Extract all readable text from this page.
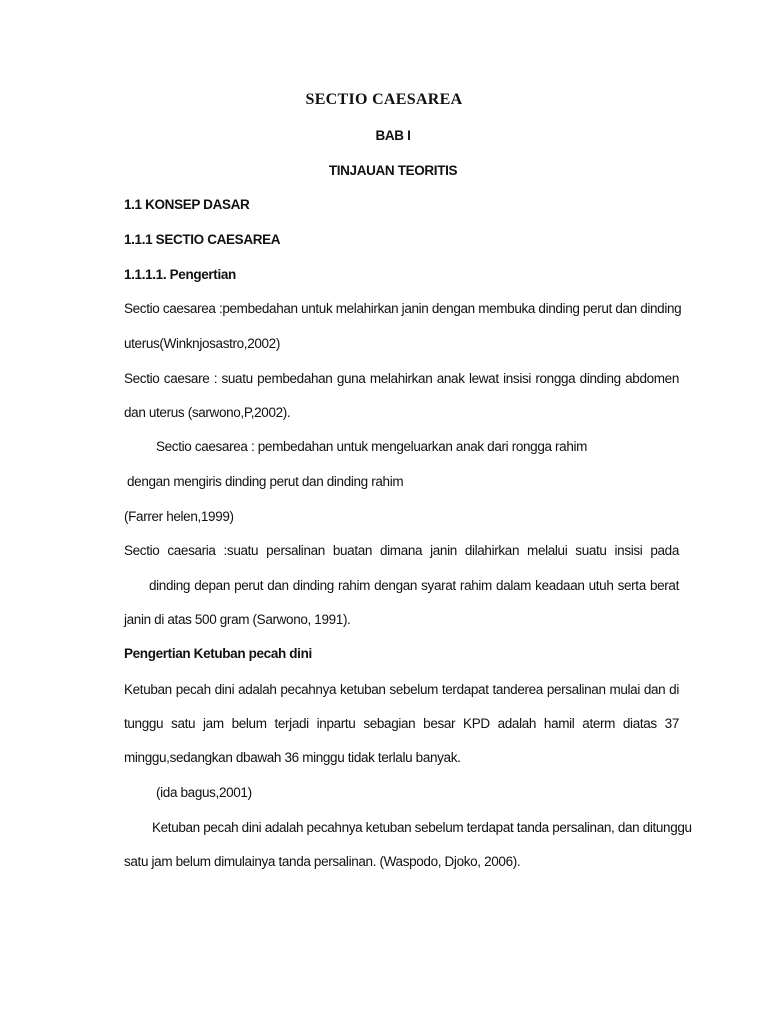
SECTIO CAESAREA

BAB I

TINJAUAN TEORITIS

1.1 KONSEP DASAR

1.1.1 SECTIO CAESAREA

1.1.1.1. Pengertian

Sectio caesarea :pembedahan untuk melahirkan janin dengan membuka dinding perut dan dinding

uterus(Winknjosastro,2002)

Sectio caesare : suatu pembedahan guna melahirkan anak lewat insisi rongga dinding abdomen

dan uterus (sarwono,P,2002).

Sectio caesarea : pembedahan untuk mengeluarkan anak dari rongga rahim

dengan mengiris dinding perut dan dinding rahim

(Farrer helen,1999)

Sectio caesaria :suatu persalinan buatan dimana janin dilahirkan melalui suatu insisi pada

dinding depan perut dan dinding rahim dengan syarat rahim dalam keadaan utuh serta berat

janin di atas 500 gram (Sarwono, 1991).

Pengertian Ketuban pecah dini

Ketuban pecah dini adalah pecahnya ketuban sebelum terdapat tanderea persalinan mulai dan di

tunggu satu jam belum terjadi inpartu sebagian besar KPD adalah hamil aterm diatas 37

minggu,sedangkan dbawah 36 minggu tidak terlalu banyak.

(ida bagus,2001)

Ketuban pecah dini adalah pecahnya ketuban sebelum terdapat tanda persalinan, dan ditunggu

satu jam belum dimulainya tanda persalinan. (Waspodo, Djoko, 2006).
